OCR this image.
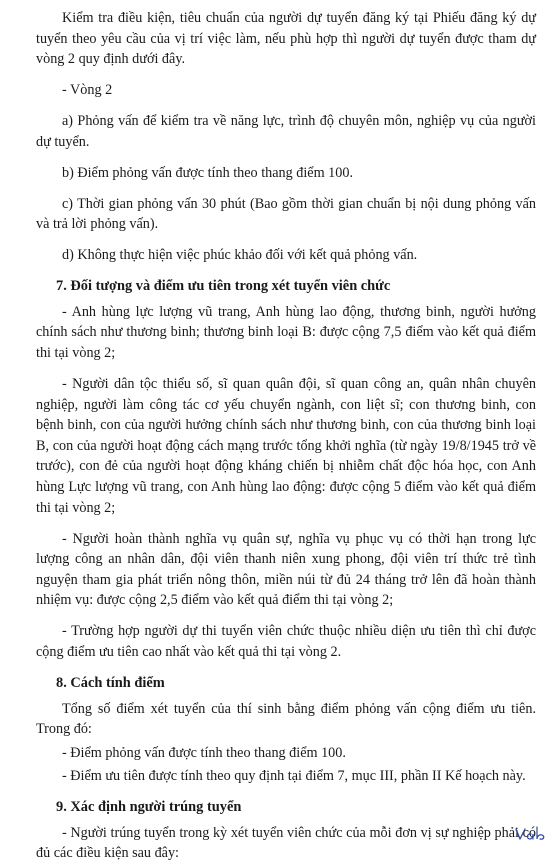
Kiểm tra điều kiện, tiêu chuẩn của người dự tuyển đăng ký tại Phiếu đăng ký dự tuyển theo yêu cầu của vị trí việc làm, nếu phù hợp thì người dự tuyển được tham dự vòng 2 quy định dưới đây.

- Vòng 2

a) Phỏng vấn để kiểm tra về năng lực, trình độ chuyên môn, nghiệp vụ của người dự tuyển.

b) Điểm phỏng vấn được tính theo thang điểm 100.

c) Thời gian phỏng vấn 30 phút (Bao gồm thời gian chuẩn bị nội dung phỏng vấn và trả lời phỏng vấn).

d) Không thực hiện việc phúc khảo đối với kết quả phỏng vấn.

7. Đối tượng và điểm ưu tiên trong xét tuyển viên chức

- Anh hùng lực lượng vũ trang, Anh hùng lao động, thương binh, người hưởng chính sách như thương binh; thương binh loại B: được cộng 7,5 điểm vào kết quả điểm thi tại vòng 2;

- Người dân tộc thiểu số, sĩ quan quân đội, sĩ quan công an, quân nhân chuyên nghiệp, người làm công tác cơ yếu chuyển ngành, con liệt sĩ; con thương binh, con bệnh binh, con của người hưởng chính sách như thương binh, con của thương binh loại B, con của người hoạt động cách mạng trước tổng khởi nghĩa (từ ngày 19/8/1945 trở về trước), con đẻ của người hoạt động kháng chiến bị nhiễm chất độc hóa học, con Anh hùng Lực lượng vũ trang, con Anh hùng lao động: được cộng 5 điểm vào kết quả điểm thi tại vòng 2;

- Người hoàn thành nghĩa vụ quân sự, nghĩa vụ phục vụ có thời hạn trong lực lượng công an nhân dân, đội viên thanh niên xung phong, đội viên trí thức trẻ tình nguyện tham gia phát triển nông thôn, miền núi từ đủ 24 tháng trở lên đã hoàn thành nhiệm vụ: được cộng 2,5 điểm vào kết quả điểm thi tại vòng 2;

- Trường hợp người dự thi tuyển viên chức thuộc nhiều diện ưu tiên thì chỉ được cộng điểm ưu tiên cao nhất vào kết quả thi tại vòng 2.

8. Cách tính điểm

Tổng số điểm xét tuyển của thí sinh bằng điểm phỏng vấn cộng điểm ưu tiên. Trong đó:

- Điểm phỏng vấn được tính theo thang điểm 100.

- Điểm ưu tiên được tính theo quy định tại điểm 7, mục III, phần II Kế hoạch này.

9. Xác định người trúng tuyển

- Người trúng tuyển trong kỳ xét tuyển viên chức của mỗi đơn vị sự nghiệp phải có đủ các điều kiện sau đây:
